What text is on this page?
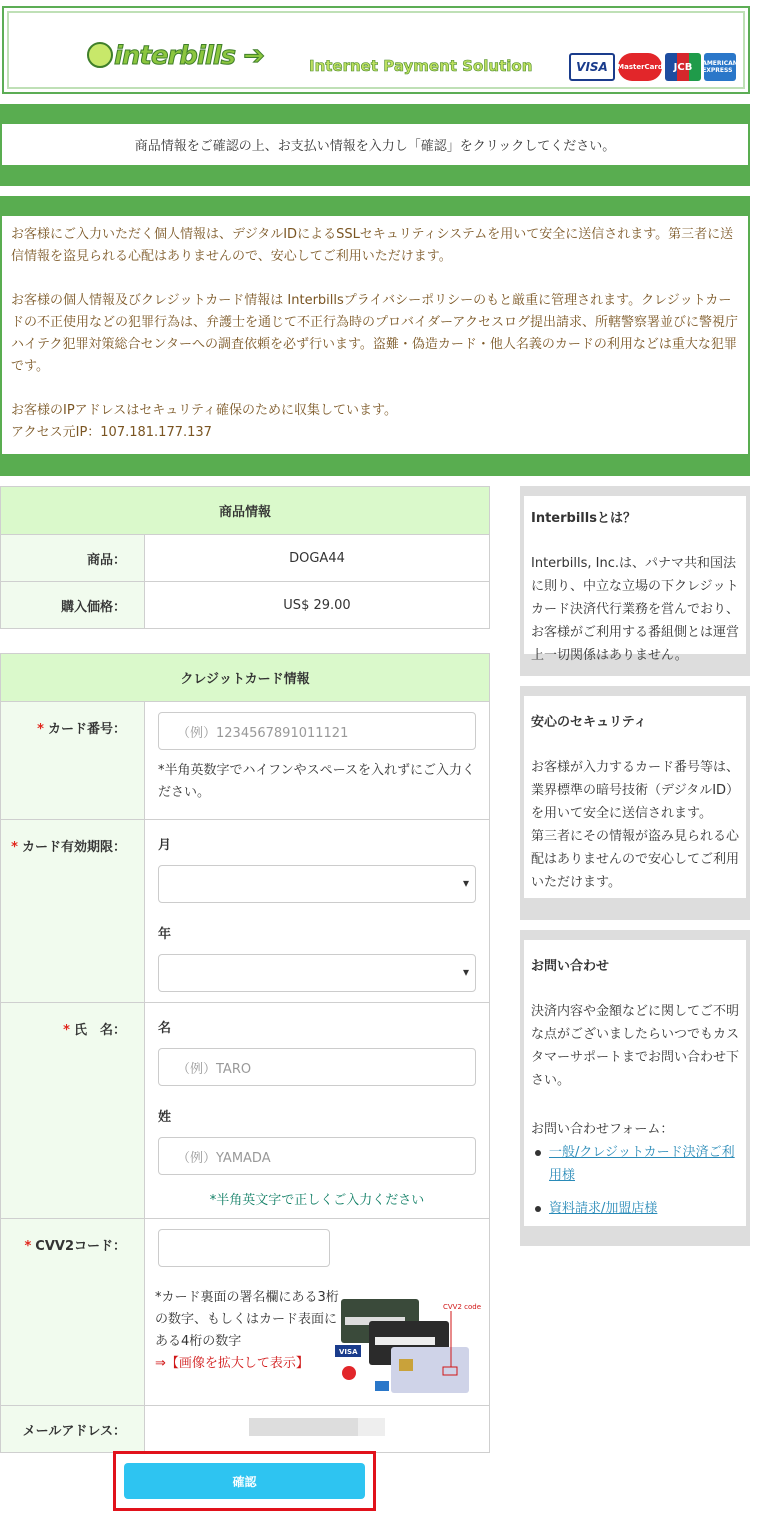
interbills ➔	Internet Payment Solution	VISA	MasterCard	JCB	AMERICAN EXPRESS
商品情報をご確認の上、お支払い情報を入力し「確認」をクリックしてください。

お客様にご入力いただく個人情報は、デジタルIDによるSSLセキュリティシステムを用いて安全に送信されます。第三者に送信情報を盗見られる心配はありませんので、安心してご利用いただけます。

お客様の個人情報及びクレジットカード情報は Interbillsプライバシーポリシーのもと厳重に管理されます。クレジットカードの不正使用などの犯罪行為は、弁護士を通じて不正行為時のプロバイダーアクセスログ提出請求、所轄警察署並びに警視庁ハイテク犯罪対策総合センターへの調査依頼を必ず行います。盗難・偽造カード・他人名義のカードの利用などは重大な犯罪です。

お客様のIPアドレスはセキュリティ確保のために収集しています。
アクセス元IP：107.181.177.137
商品情報	
商品：	DOGA44
購入価格：	US$ 29.00
クレジットカード情報	
* カード番号：	（例）1234567891011121
*半角英数字でハイフンやスペースを入れずにご入力ください。

* カード有効期限：	月
▾
年
▾

* 氏　名：	名
（例）TARO
姓
（例）YAMADA
*半角英文字で正しくご入力ください

* CVV2コード：	*カード裏面の署名欄にある3桁の数字、もしくはカード表面にある4桁の数字
⇒【画像を拡大して表示】
VISA
CVV2 code

メールアドレス：	
確認
Interbillsとは？
Interbills, Inc.は、パナマ共和国法に則り、中立な立場の下クレジットカード決済代行業務を営んでおり、お客様がご利用する番組側とは運営上一切関係はありません。
安心のセキュリティ
お客様が入力するカード番号等は、業界標準の暗号技術（デジタルID）を用いて安全に送信されます。
第三者にその情報が盗み見られる心配はありませんので安心してご利用いただけます。
お問い合わせ
決済内容や金額などに関してご不明な点がございましたらいつでもカスタマーサポートまでお問い合わせ下さい。
お問い合わせフォーム：
一般/クレジットカード決済ご利用様
資料請求/加盟店様
